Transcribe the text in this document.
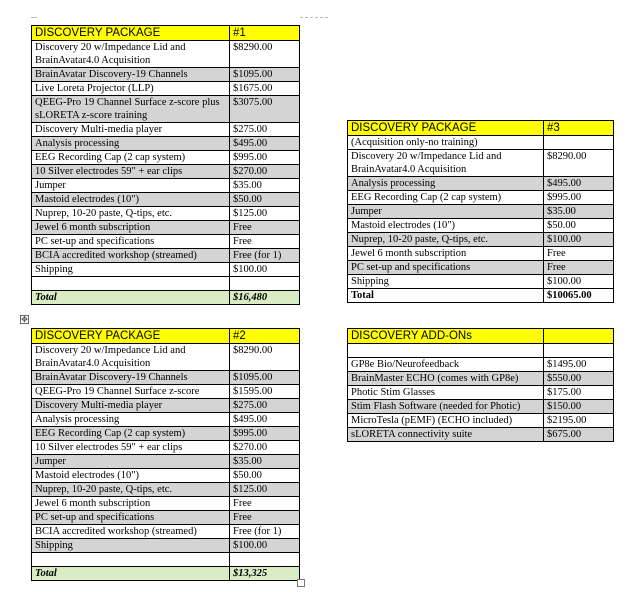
DISCOVERY PACKAGE	#1
Discovery 20 w/Impedance Lid and BrainAvatar4.0 Acquisition	$8290.00
BrainAvatar Discovery-19 Channels	$1095.00
Live Loreta Projector (LLP)	$1675.00
QEEG-Pro 19 Channel Surface z-score plus sLORETA z-score training	$3075.00
Discovery Multi-media player	$275.00
Analysis processing	$495.00
EEG Recording Cap (2 cap system)	$995.00
10 Silver electrodes 59" + ear clips	$270.00
Jumper	$35.00
Mastoid electrodes (10")	$50.00
Nuprep, 10-20 paste, Q-tips, etc.	$125.00
Jewel 6 month subscription	Free
PC set-up and specifications	Free
BCIA accredited workshop (streamed)	Free (for 1)
Shipping	$100.00

Total	$16,480
✥
DISCOVERY PACKAGE	#2
Discovery 20 w/Impedance Lid and BrainAvatar4.0 Acquisition	$8290.00
BrainAvatar Discovery-19 Channels	$1095.00
QEEG-Pro 19 Channel Surface z-score	$1595.00
Discovery Multi-media player	$275.00
Analysis processing	$495.00
EEG Recording Cap (2 cap system)	$995.00
10 Silver electrodes 59" + ear clips	$270.00
Jumper	$35.00
Mastoid electrodes (10")	$50.00
Nuprep, 10-20 paste, Q-tips, etc.	$125.00
Jewel 6 month subscription	Free
PC set-up and specifications	Free
BCIA accredited workshop (streamed)	Free (for 1)
Shipping	$100.00

Total	$13,325
DISCOVERY PACKAGE	#3
(Acquisition only-no training)	
Discovery 20 w/Impedance Lid and BrainAvatar4.0 Acquisition	$8290.00
Analysis processing	$495.00
EEG Recording Cap (2 cap system)	$995.00
Jumper	$35.00
Mastoid electrodes (10")	$50.00
Nuprep, 10-20 paste, Q-tips, etc.	$100.00
Jewel 6 month subscription	Free
PC set-up and specifications	Free
Shipping	$100.00
Total	$10065.00
DISCOVERY ADD-ONs	

GP8e Bio/Neurofeedback	$1495.00
BrainMaster ECHO (comes with GP8e)	$550.00
Photic Stim Glasses	$175.00
Stim Flash Software (needed for Photic)	$150.00
MicroTesla (pEMF) (ECHO included)	$2195.00
sLORETA connectivity suite	$675.00
